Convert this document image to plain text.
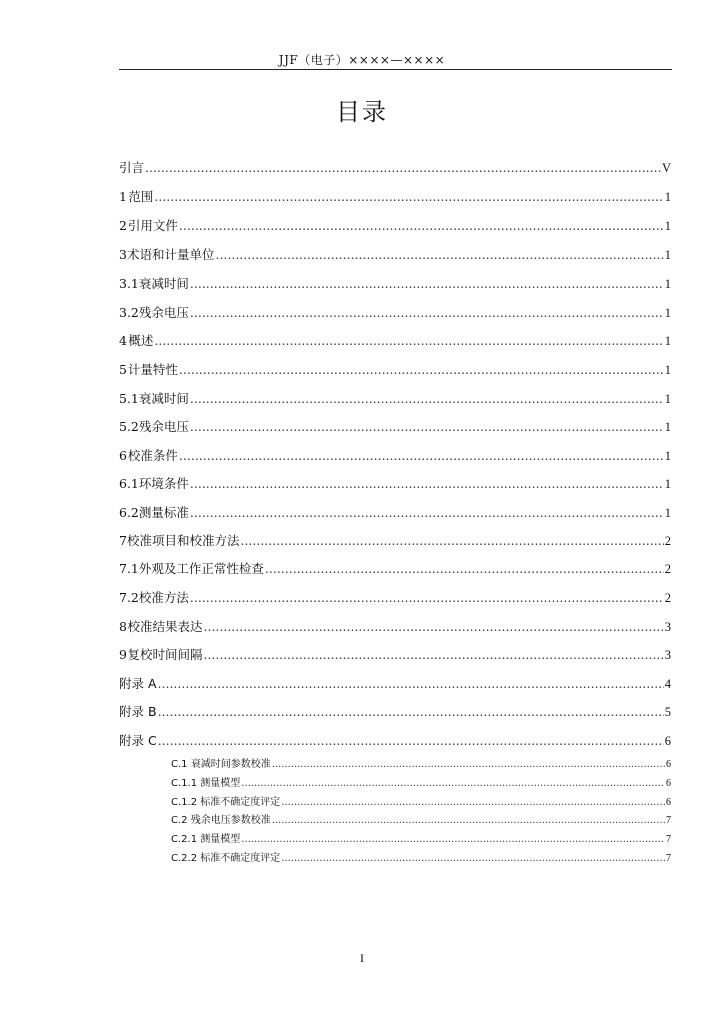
JJF（电子）××××—××××
目录
引言 .....	V
1 范围 .....	1
2 引用文件 .....	1
3 术语和计量单位 .....	1
3.1 衰减时间 .....	1
3.2 残余电压 .....	1
4 概述 .....	1
5 计量特性 .....	1
5.1 衰减时间 .....	1
5.2 残余电压 .....	1
6 校准条件 .....	1
6.1 环境条件 .....	1
6.2 测量标准 .....	1
7 校准项目和校准方法 .....	2
7.1 外观及工作正常性检查 .....	2
7.2 校准方法 .....	2
8 校准结果表达 .....	3
9 复校时间间隔 .....	3
附录 A .....	4
附录 B .....	5
附录 C .....	6
C.1 衰减时间参数校准 .....	6
C.1.1 测量模型 .....	6
C.1.2 标准不确定度评定 .....	6
C.2 残余电压参数校准 .....	7
C.2.1 测量模型 .....	7
C.2.2 标准不确定度评定 .....	7
I
